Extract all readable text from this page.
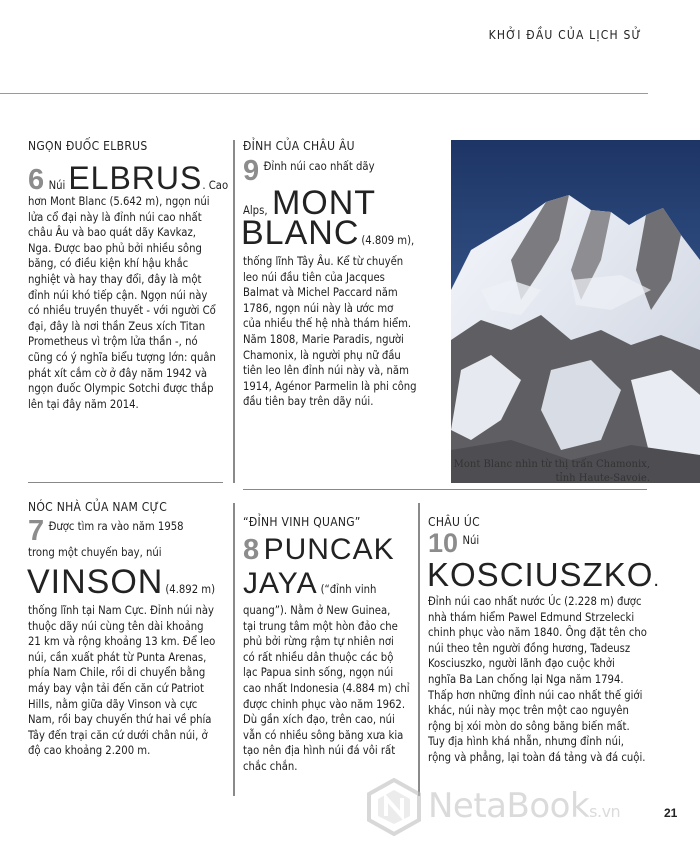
KHỞI ĐẦU CỦA LỊCH SỬ
NGỌN ĐUỐC ELBRUS
6 NúiELBRUS. Cao
hơn Mont Blanc (5.642 m), ngọn núi
lửa cổ đại này là đỉnh núi cao nhất
châu Âu và bao quát dãy Kavkaz,
Nga. Được bao phủ bởi nhiều sông
băng, có điều kiện khí hậu khắc
nghiệt và hay thay đổi, đây là một
đỉnh núi khó tiếp cận. Ngọn núi này
có nhiều truyền thuyết - với người Cổ
đại, đây là nơi thần Zeus xích Titan
Prometheus vì trộm lửa thần -, nó
cũng có ý nghĩa biểu tượng lớn: quân
phát xít cắm cờ ở đây năm 1942 và
ngọn đuốc Olympic Sotchi được thắp
lên tại đây năm 2014.
ĐỈNH CỦA CHÂU ÂU
9 $^{Đỉnh núi cao nhất dãy}$
Alps, MONT
BLANC (4.809 m),
thống lĩnh Tây Âu. Kể từ chuyến
leo núi đầu tiên của Jacques
Balmat và Michel Paccard năm
1786, ngọn núi này là ước mơ
của nhiều thế hệ nhà thám hiểm.
Năm 1808, Marie Paradis, người
Chamonix, là người phụ nữ đầu
tiên leo lên đỉnh núi này và, năm
1914, Agénor Parmelin là phi công
đầu tiên bay trên dãy núi.
Mont Blanc nhìn từ thị trấn Chamonix,
tỉnh Haute-Savoie.
NÓC NHÀ CỦA NAM CỰC
7 $^{Được tìm ra vào năm 1958}$
trong một chuyến bay, núi
VINSON (4.892 m)
thống lĩnh tại Nam Cực. Đỉnh núi này
thuộc dãy núi cùng tên dài khoảng
21 km và rộng khoảng 13 km. Để leo
núi, cần xuất phát từ Punta Arenas,
phía Nam Chile, rồi di chuyển bằng
máy bay vận tải đến căn cứ Patriot
Hills, nằm giữa dãy Vinson và cực
Nam, rồi bay chuyến thứ hai về phía
Tây đến trại căn cứ dưới chân núi, ở
độ cao khoảng 2.200 m.
“ĐỈNH VINH QUANG”
8 PUNCAK
JAYA (“đỉnh vinh
quang”). Nằm ở New Guinea,
tại trung tâm một hòn đảo che
phủ bởi rừng rậm tự nhiên nơi
có rất nhiều dân thuộc các bộ
lạc Papua sinh sống, ngọn núi
cao nhất Indonesia (4.884 m) chỉ
được chinh phục vào năm 1962.
Dù gần xích đạo, trên cao, núi
vẫn có nhiều sông băng xưa kia
tạo nên địa hình núi đá vôi rất
chắc chắn.
CHÂU ÚC
10 $^{Núi}$
KOSCIUSZKO.
Đỉnh núi cao nhất nước Úc (2.228 m) được
nhà thám hiểm Pawel Edmund Strzelecki
chinh phục vào năm 1840. Ông đặt tên cho
núi theo tên người đồng hương, Tadeusz
Kosciuszko, người lãnh đạo cuộc khởi
nghĩa Ba Lan chống lại Nga năm 1794.
Thấp hơn những đỉnh núi cao nhất thế giới
khác, núi này mọc trên một cao nguyên
rộng bị xói mòn do sông băng biến mất.
Tuy địa hình khá nhẵn, nhưng đỉnh núi,
rộng và phẳng, lại toàn đá tảng và đá cuội.
NetaBooks.vn	21
